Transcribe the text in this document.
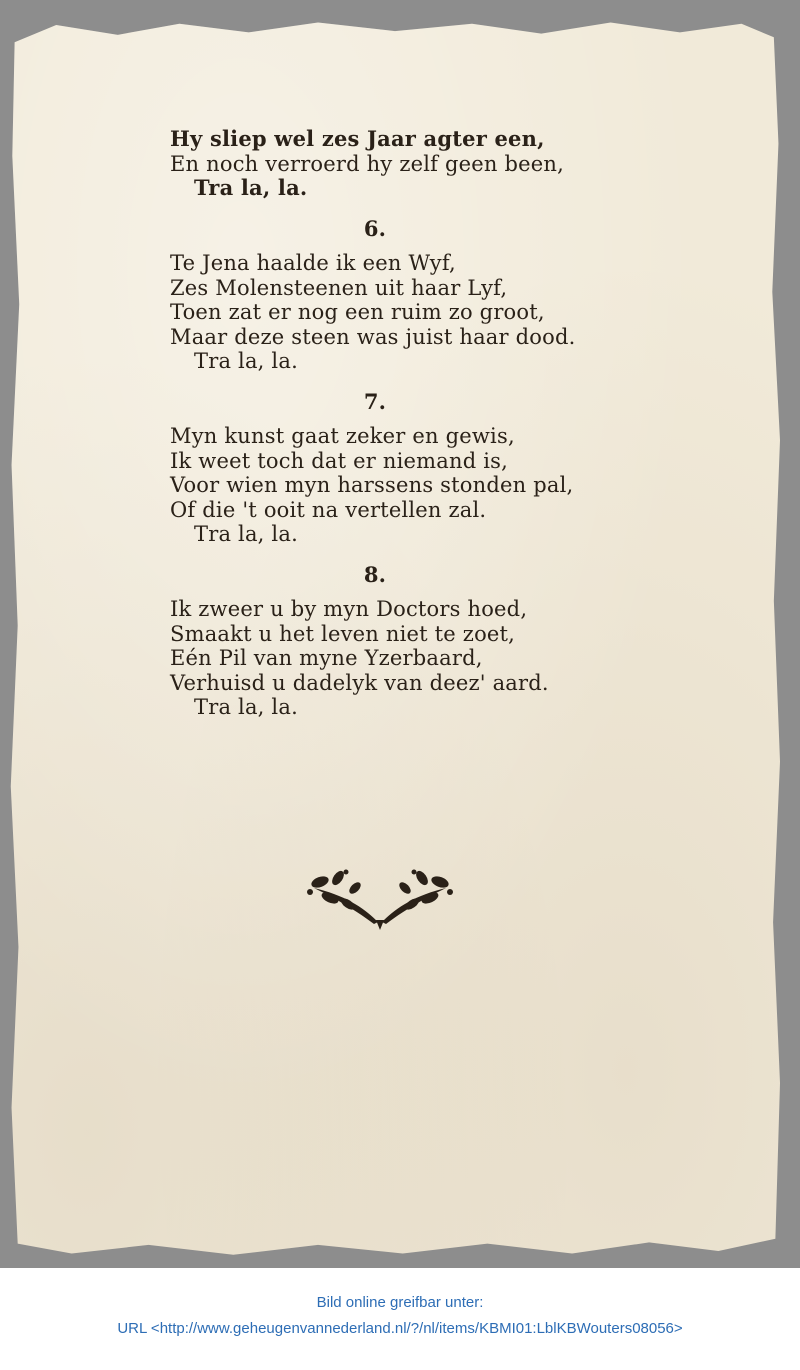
Hy sliep wel zes Jaar agter een,
En noch verroerd hy zelf geen been,
Tra la, la.
6.
Te Jena haalde ik een Wyf,
Zes Molensteenen uit haar Lyf,
Toen zat er nog een ruim zo groot,
Maar deze steen was juist haar dood.
Tra la, la.
7.
Myn kunst gaat zeker en gewis,
Ik weet toch dat er niemand is,
Voor wien myn harssens stonden pal,
Of die 't ooit na vertellen zal.
Tra la, la.
8.
Ik zweer u by myn Doctors hoed,
Smaakt u het leven niet te zoet,
Eén Pil van myne Yzerbaard,
Verhuisd u dadelyk van deez' aard.
Tra la, la.
Bild online greifbar unter:
URL <http://www.geheugenvannederland.nl/?/nl/items/KBMI01:LblKBWouters08056>
